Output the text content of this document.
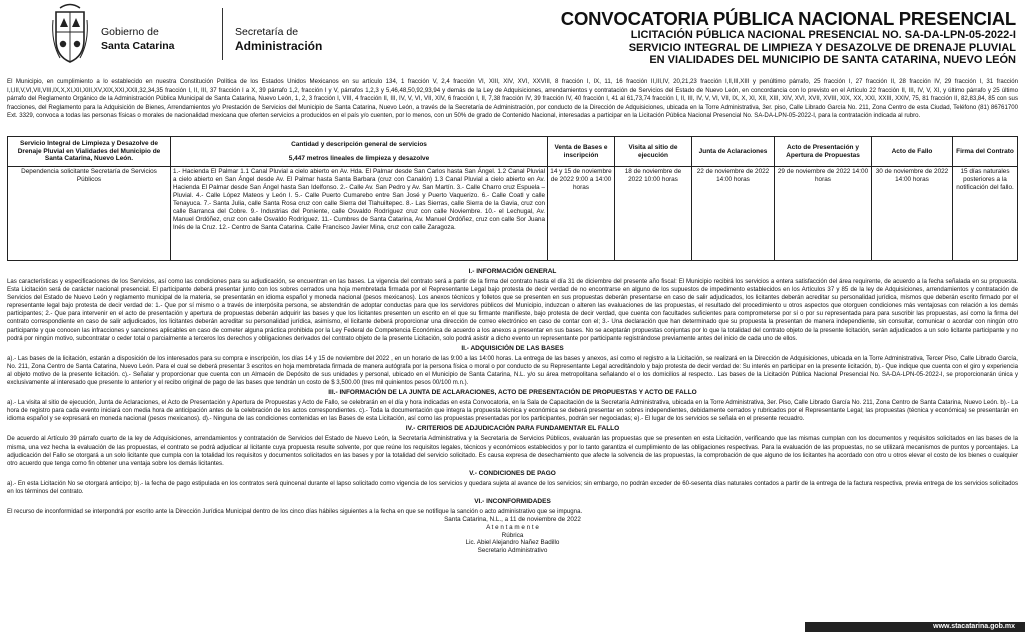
Gobierno de
Santa Catarina
Secretaría de
Administración
CONVOCATORIA PÚBLICA NACIONAL PRESENCIAL
LICITACIÓN PÚBLICA NACIONAL PRESENCIAL NO. SA-DA-LPN-05-2022-I
SERVICIO INTEGRAL DE LIMPIEZA Y DESAZOLVE DE DRENAJE PLUVIAL
EN VIALIDADES DEL MUNICIPIO DE SANTA CATARINA, NUEVO LEÓN
El Municipio, en cumplimiento a lo establecido en nuestra Constitución Política de los Estados Unidos Mexicanos en su artículo 134, 1 fracción V, 2,4 fracción VI, XIII, XIV, XVI, XXVIII, 8 fracción I, IX, 11, 16 fracción II,III,IV, 20,21,23 fracción I,II,III,XIII y penúltimo párrafo, 25 fracción I, 27 fracción II, 28 fracción IV, 29 fracción I, 31 fracción I,I,III,V,VI,VII,VIII,IX,X,XI,XII,XIII,XV,XIX,XXI,XXII,32,34,35 fracción I, II, III, 37 fracción I a X, 39 párrafo 1,2, fracción I y V, párrafos 1,2,3 y 5,46,48,50,92,93,94 y demás de la Ley de Adquisiciones, arrendamientos y contratación de Servicios del Estado de Nuevo León, en concordancia con lo previsto en el Artículo 22 fracción II, III, IV, V, XI, y último párrafo y 25 último párrafo del Reglamento Orgánico de la Administración Pública Municipal de Santa Catarina, Nuevo León, 1, 2, 3 fracción I, VIII, 4 fracción II, III, IV, V, VI, VII, XIV, 6 fracción I, II, 7,38 fracción IV, 39 fracción IV, 40 fracción I, 41 al 61,73,74 fracción I, II, III, IV, V, VI, VII, IX, X, XI, XII, XIII, XIV, XVI, XVII, XVIII, XIX, XX, XXI, XXIII, XXIV, 75, 81 fracción II, 82,83,84, 85 con sus fracciones, del Reglamento para la Adquisición de Bienes, Arrendamientos y/o Prestación de Servicios del Municipio de Santa Catarina, Nuevo León, a través de la Secretaría de Administración, por conducto de la Dirección de Adquisiciones, ubicada en la Torre Administrativa, 3er. piso, Calle Librado García No. 211, Zona Centro de esta Ciudad, Teléfono (81) 86761700 Ext. 3329, convoca a todas las personas físicas o morales de nacionalidad mexicana que oferten servicios a producidos en el país y/o cuenten, por lo menos, con un 50% de grado de Contenido Nacional, interesadas a participar en la Licitación Pública Nacional Presencial No. SA-DA-LPN-05-2022-I, para la contratación indicada al rubro.
Servicio Integral de Limpieza y Desazolve de Drenaje Pluvial en Vialidades del Municipio de Santa Catarina, Nuevo León.	Cantidad y descripción general de servicios
5,447 metros lineales de limpieza y desazolve	Venta de Bases e inscripción	Visita al sitio de ejecución	Junta de Aclaraciones	Acto de Presentación y Apertura de Propuestas	Acto de Fallo	Firma del Contrato
Dependencia solicitante Secretaría de Servicios Públicos	1.- Hacienda El Palmar 1.1 Canal Pluvial a cielo abierto en Av. Hda. El Palmar desde San Carlos hasta San Ángel. 1.2 Canal Pluvial a cielo abierto en San Ángel desde Av. El Palmar hasta Santa Barbara (cruz con Canalón) 1.3 Canal Pluvial a cielo abierto en Av. Hacienda El Palmar desde San Ángel hasta San Idelfonso. 2.- Calle Av. San Pedro y Av. San Martín. 3.- Calle Charro cruz Espuela – Pluvial. 4.- Calle López Mateos y León I. 5.- Calle Puerto Cumarebo entre San José y Puerto Vaquerizo. 6.- Calle Coatl y calle Tenayuca. 7.- Santa Julia, calle Santa Rosa cruz con calle Sierra del Tlahuiltepec. 8.- Las Sierras, calle Sierra de la Gavia, cruz con calle Barranca del Cobre. 9.- Industrias del Poniente, calle Osvaldo Rodríguez cruz con calle Noviembre. 10.- el Lechugal, Av. Manuel Ordóñez, cruz con calle Osvaldo Rodríguez. 11.- Cumbres de Santa Catarina, Av. Manuel Ordóñez, cruz con calle Sor Juana Inés de la Cruz. 12.- Centro de Santa Catarina. Calle Francisco Javier Mina, cruz con calle Zaragoza.	14 y 15 de noviembre de 2022 9:00 a 14:00 horas	18 de noviembre de 2022 10:00 horas	22 de noviembre de 2022 14:00 horas	29 de noviembre de 2022 14:00 horas	30 de noviembre de 2022 14:00 horas	15 días naturales posteriores a la notificación del fallo.
I.- INFORMACIÓN GENERAL

Las características y especificaciones de los Servicios, así como las condiciones para su adjudicación, se encuentran en las bases. La vigencia del contrato será a partir de la firma del contrato hasta el día 31 de diciembre del presente año fiscal: El Municipio recibirá los servicios a entera satisfacción del área requirente, de acuerdo a la fecha señalada en su propuesta. Esta Licitación será de carácter nacional presencial. El participante deberá presentar junto con los sobres cerrados una hoja membretada firmada por el Representante Legal bajo protesta de decir verdad de no encontrarse en alguno de los supuestos de impedimento establecidos en los Artículos 37 y 85 de la ley de Adquisiciones, arrendamientos y contratación de Servicios del Estado de Nuevo León y reglamento municipal de la materia, se presentarán en idioma español y moneda nacional (pesos mexicanos). Los anexos técnicos y folletos que se presenten en sus propuestas deberán presentarse en caso de salir adjudicados, los licitantes deberán acreditar su personalidad jurídica, mismos que deberán escrito firmado por el representante legal bajo protesta de decir verdad de: 1.- Que por sí mismo o a través de interpósita persona, se abstendrán de adoptar conductas para que los servidores públicos del Municipio, induzcan o alteren las evaluaciones de las propuestas, el resultado del procedimiento u otros aspectos que otorguen condiciones más ventajosas con relación a los demás participantes; 2.- Que para intervenir en el acto de presentación y apertura de propuestas deberán adquirir las bases y que los licitantes presenten un escrito en el que su firmante manifieste, bajo protesta de decir verdad, que cuenta con facultades suficientes para comprometerse por sí o por su representada para para suscribir las propuestas, así como la firma del contrato correspondiente en caso de salir adjudicados, los licitantes deberán acreditar su personalidad jurídica, asimismo, el licitante deberá proporcionar una dirección de correo electrónico en caso de contar con el; 3.- Una declaración que han determinado que su propuesta la presentan de manera independiente, sin consultar, comunicar o acordar con ningún otro participante y que conocen las infracciones y sanciones aplicables en caso de cometer alguna práctica prohibida por la Ley Federal de Competencia Económica de acuerdo a los anexos a presentar en sus bases. No se aceptarán propuestas conjuntas por lo que la totalidad del contrato objeto de la presente licitación, serán adjudicados a un solo licitante participante y no podrá por ningún motivo, subcontratar o ceder total o parcialmente a terceros los derechos y obligaciones derivados del contrato objeto de la presente Licitación, solo podrá asistir a dicho evento un representante por participante registrándose previamente antes del inicio de cada uno de ellos.

II.- ADQUISICIÓN DE LAS BASES

a).- Las bases de la licitación, estarán a disposición de los interesados para su compra e inscripción, los días 14 y 15 de noviembre del 2022 , en un horario de las 9:00 a las 14:00 horas. La entrega de las bases y anexos, así como el registro a la Licitación, se realizará en la Dirección de Adquisiciones, ubicada en la Torre Administrativa, Tercer Piso, Calle Librado García, No. 211, Zona Centro de Santa Catarina, Nuevo León. Para el cual se deberá presentar 3 escritos en hoja membretada firmada de manera autógrafa por la persona física o moral o por conducto de su Representante Legal acreditándolo y bajo protesta de decir verdad de: Su interés en participar en la presente licitación, b).- Que indique que cuenta con el giro y experiencia al objeto motivo de la presente licitación. c).- Señalar y proporcionar que cuenta con un Almacén de Depósito de sus unidades y personal, ubicado en el Municipio de Santa Catarina, N.L. y/o su área metropolitana señalando el o los domicilios al respecto.. Las bases de la Licitación Pública Nacional Presencial No. SA-DA-LPN-05-2022-I, se proporcionarán única y exclusivamente al interesado que presente lo anterior y el recibo original de pago de las bases que tendrán un costo de $ 3,500.00 (tres mil quinientos pesos 00/100 m.n.).

III.- INFORMACIÓN DE LA JUNTA DE ACLARACIONES, ACTO DE PRESENTACIÓN DE PROPUESTAS Y ACTO DE FALLO

a).- La visita al sitio de ejecución, Junta de Aclaraciones, el Acto de Presentación y Apertura de Propuestas y Acto de Fallo, se celebrarán en el día y hora indicadas en esta Convocatoria, en la Sala de Capacitación de la Secretaría Administrativa, ubicada en la Torre Administrativa, 3er. Piso, Calle Librado García No. 211, Zona Centro de Santa Catarina, Nuevo León. b).- La hora de registro para cada evento iniciará con media hora de anticipación antes de la celebración de los actos correspondientes. c).- Toda la documentación que integra la propuesta técnica y económica se deberá presentar en sobres independientes, debidamente cerrados y rubricados por el Representante Legal; las propuestas (técnica y económica) se presentarán en idioma español y se expresará en moneda nacional (pesos mexicanos). d).- Ninguna de las condiciones contenidas en las Bases de esta Licitación, así como las propuestas presentadas por los participantes, podrán ser negociadas; e).- El lugar de los servicios se señala en el presente recuadro.

IV.- CRITERIOS DE ADJUDICACIÓN PARA FUNDAMENTAR EL FALLO

De acuerdo al Artículo 39 párrafo cuarto de la ley de Adquisiciones, arrendamientos y contratación de Servicios del Estado de Nuevo León, la Secretaría Administrativa y la Secretaría de Servicios Públicos, evaluarán las propuestas que se presenten en esta Licitación, verificando que las mismas cumplan con los documentos y requisitos solicitados en las bases de la misma, una vez hecha la evaluación de las propuestas, el contrato se podrá adjudicar al licitante cuya propuesta resulte solvente, por que reúne los requisitos legales, técnicos y económicos establecidos y por lo tanto garantiza el cumplimiento de las obligaciones respectivas. Para la evaluación de las propuestas, no se utilizará mecanismos de puntos y porcentajes. La adjudicación del Fallo se otorgará a un solo licitante que cumpla con la totalidad los requisitos y documentos solicitados en las bases y por la totalidad del servicio solicitado. Es causa expresa de desechamiento que afecte la solvencia de las propuestas, la comprobación de que alguno de los licitantes ha acordado con otro u otros elevar el costo de los bienes o cualquier otro acuerdo que tenga como fin obtener una ventaja sobre los demás licitantes.

V.- CONDICIONES DE PAGO

a).- En esta Licitación No se otorgará anticipo; b).- la fecha de pago estipulada en los contratos será quincenal durante el lapso solicitado como vigencia de los servicios y quedara sujeta al avance de los servicios; sin embargo, no podrán exceder de 60-sesenta días naturales contados a partir de la entrega de la factura respectiva, previa entrega de los servicios solicitados en los términos del contrato.

VI.- INCONFORMIDADES

El recurso de inconformidad se interpondrá por escrito ante la Dirección Jurídica Municipal dentro de los cinco días hábiles siguientes a la fecha en que se notifique la sanción o acto administrativo que se impugna.

Santa Catarina, N.L., a 11 de noviembre de 2022
A t e n t a m e n t e
Rúbrica
Lic. Abiel Alejandro Nañez Badillo
Secretario Administrativo
www.stacatarina.gob.mx
